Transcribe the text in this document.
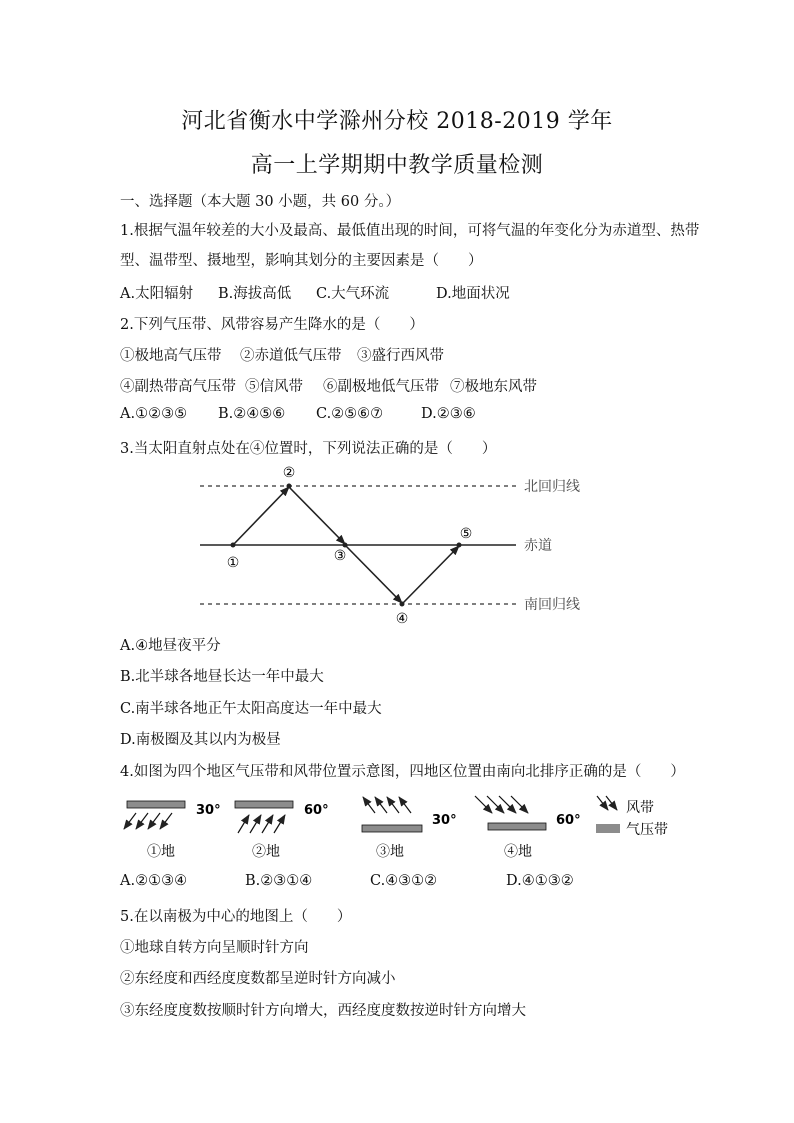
河北省衡水中学滁州分校 2018-2019 学年
高一上学期期中教学质量检测
一、选择题（本大题 30 小题，共 60 分。）
1.根据气温年较差的大小及最高、最低值出现的时间，可将气温的年变化分为赤道型、热带
型、温带型、摄地型，影响其划分的主要因素是（　　）
A.太阳辐射 B.海拔高低 C.大气环流	D.地面状况
2.下列气压带、风带容易产生降水的是（　　）
①极地高气压带 ②赤道低气压带 ③盛行西风带
④副热带高气压带 ⑤信风带 ⑥副极地低气压带 ⑦极地东风带
A.①②③⑤ B.②④⑤⑥ C.②⑤⑥⑦	D.②③⑥
3.当太阳直射点处在④位置时，下列说法正确的是（　　）
①
②
③
④
⑤
北回归线
赤道
南回归线
30°
①地
60°
②地
30°
③地
60°
④地
风带
气压带
A.④地昼夜平分
B.北半球各地昼长达一年中最大
C.南半球各地正午太阳高度达一年中最大
D.南极圈及其以内为极昼
4.如图为四个地区气压带和风带位置示意图，四地区位置由南向北排序正确的是（　　）
A.②①③④	B.②③①④	C.④③①②	D.④①③②
5.在以南极为中心的地图上（　　）
①地球自转方向呈顺时针方向
②东经度和西经度度数都呈逆时针方向减小
③东经度度数按顺时针方向增大，西经度度数按逆时针方向增大
